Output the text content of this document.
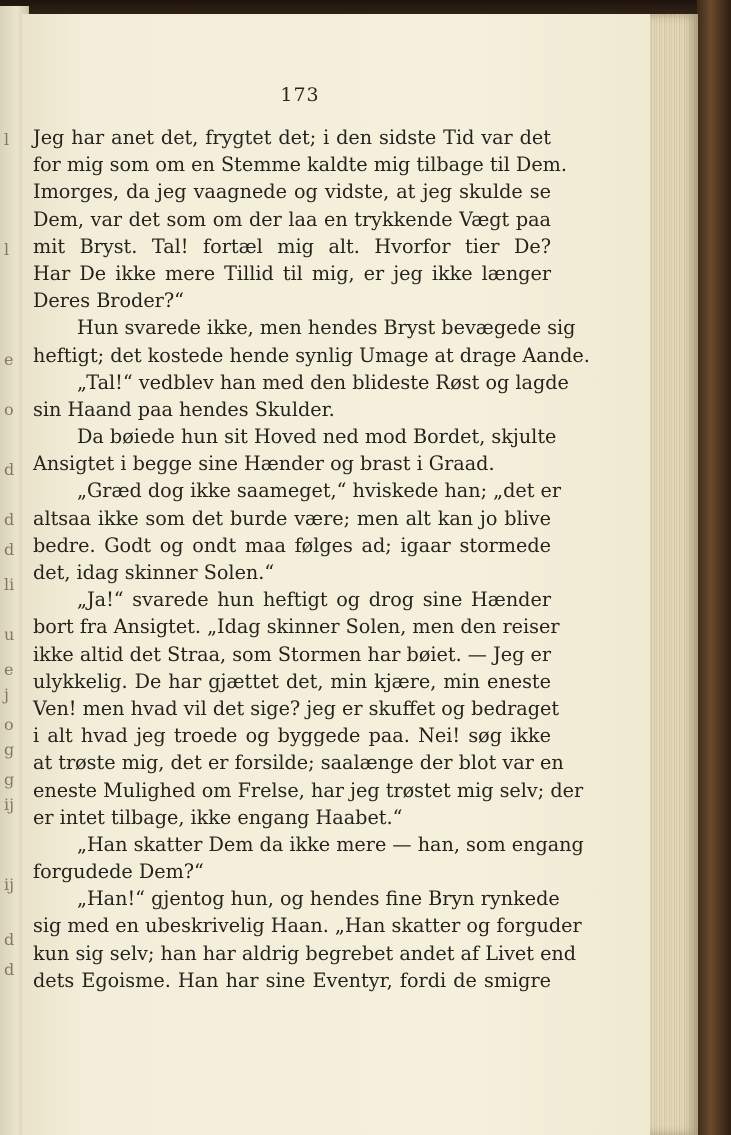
l
l
e
o
d
d
d
li
u
e
j
o
g
g
ij
ij
d
d
173
Jeg har anet det, frygtet det; i den sidste Tid var det
for mig som om en Stemme kaldte mig tilbage til Dem.
Imorges, da jeg vaagnede og vidste, at jeg skulde se
Dem, var det som om der laa en trykkende Vægt paa
mit Bryst. Tal! fortæl mig alt. Hvorfor tier De?
Har De ikke mere Tillid til mig, er jeg ikke længer
Deres Broder?“
Hun svarede ikke, men hendes Bryst bevægede sig
heftigt; det kostede hende synlig Umage at drage Aande.
„Tal!“ vedblev han med den blideste Røst og lagde
sin Haand paa hendes Skulder.
Da bøiede hun sit Hoved ned mod Bordet, skjulte
Ansigtet i begge sine Hænder og brast i Graad.
„Græd dog ikke saameget,“ hviskede han; „det er
altsaa ikke som det burde være; men alt kan jo blive
bedre. Godt og ondt maa følges ad; igaar stormede
det, idag skinner Solen.“
„Ja!“ svarede hun heftigt og drog sine Hænder
bort fra Ansigtet. „Idag skinner Solen, men den reiser
ikke altid det Straa, som Stormen har bøiet. — Jeg er
ulykkelig. De har gjættet det, min kjære, min eneste
Ven! men hvad vil det sige? jeg er skuffet og bedraget
i alt hvad jeg troede og byggede paa. Nei! søg ikke
at trøste mig, det er forsilde; saalænge der blot var en
eneste Mulighed om Frelse, har jeg trøstet mig selv; der
er intet tilbage, ikke engang Haabet.“
„Han skatter Dem da ikke mere — han, som engang
forgudede Dem?“
„Han!“ gjentog hun, og hendes fine Bryn rynkede
sig med en ubeskrivelig Haan. „Han skatter og forguder
kun sig selv; han har aldrig begrebet andet af Livet end
dets Egoisme. Han har sine Eventyr, fordi de smigre
